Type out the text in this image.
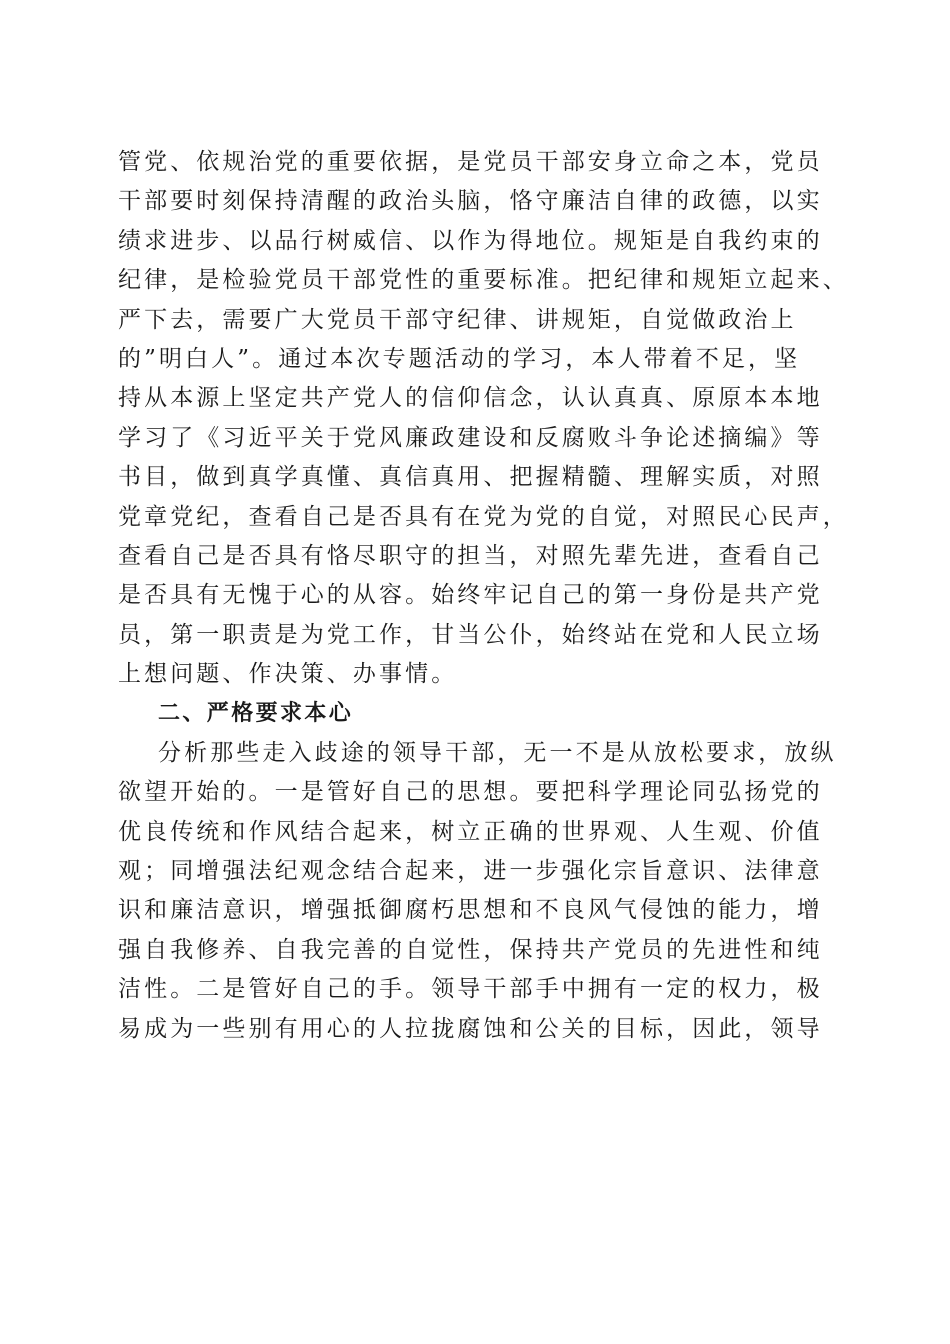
管党、依规治党的重要依据，是党员干部安身立命之本，党员
干部要时刻保持清醒的政治头脑，恪守廉洁自律的政德，以实
绩求进步、以品行树威信、以作为得地位。规矩是自我约束的
纪律，是检验党员干部党性的重要标准。把纪律和规矩立起来、
严下去，需要广大党员干部守纪律、讲规矩，自觉做政治上
的”明白人”。通过本次专题活动的学习，本人带着不足，坚
持从本源上坚定共产党人的信仰信念，认认真真、原原本本地
学习了《习近平关于党风廉政建设和反腐败斗争论述摘编》等
书目，做到真学真懂、真信真用、把握精髓、理解实质，对照
党章党纪，查看自己是否具有在党为党的自觉，对照民心民声，
查看自己是否具有恪尽职守的担当，对照先辈先进，查看自己
是否具有无愧于心的从容。始终牢记自己的第一身份是共产党
员，第一职责是为党工作，甘当公仆，始终站在党和人民立场
上想问题、作决策、办事情。
二、严格要求本心
分析那些走入歧途的领导干部，无一不是从放松要求，放纵
欲望开始的。一是管好自己的思想。要把科学理论同弘扬党的
优良传统和作风结合起来，树立正确的世界观、人生观、价值
观；同增强法纪观念结合起来，进一步强化宗旨意识、法律意
识和廉洁意识，增强抵御腐朽思想和不良风气侵蚀的能力，增
强自我修养、自我完善的自觉性，保持共产党员的先进性和纯
洁性。二是管好自己的手。领导干部手中拥有一定的权力，极
易成为一些别有用心的人拉拢腐蚀和公关的目标，因此，领导
